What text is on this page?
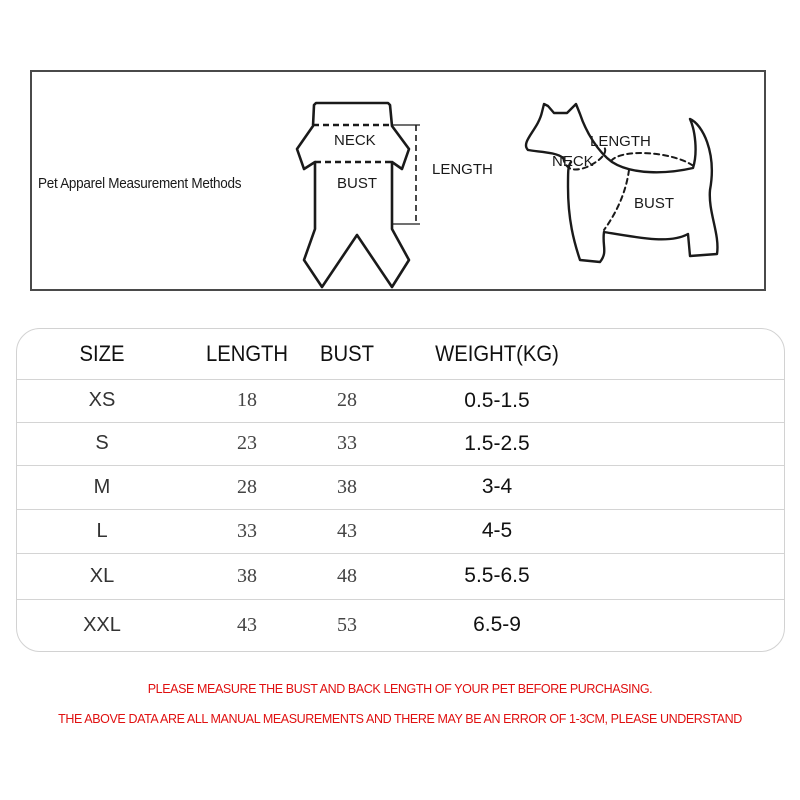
Pet Apparel Measurement Methods
NECK
BUST
LENGTH	NECK
LENGTH
BUST
SIZE	LENGTH	BUST	WEIGHT(KG)
XS	18	28	0.5-1.5
S	23	33	1.5-2.5
M	28	38	3-4
L	33	43	4-5
XL	38	48	5.5-6.5
XXL	43	53	6.5-9
PLEASE MEASURE THE BUST AND BACK LENGTH OF YOUR PET BEFORE PURCHASING.
THE ABOVE DATA ARE ALL MANUAL MEASUREMENTS AND THERE MAY BE AN ERROR OF 1-3CM, PLEASE UNDERSTAND
